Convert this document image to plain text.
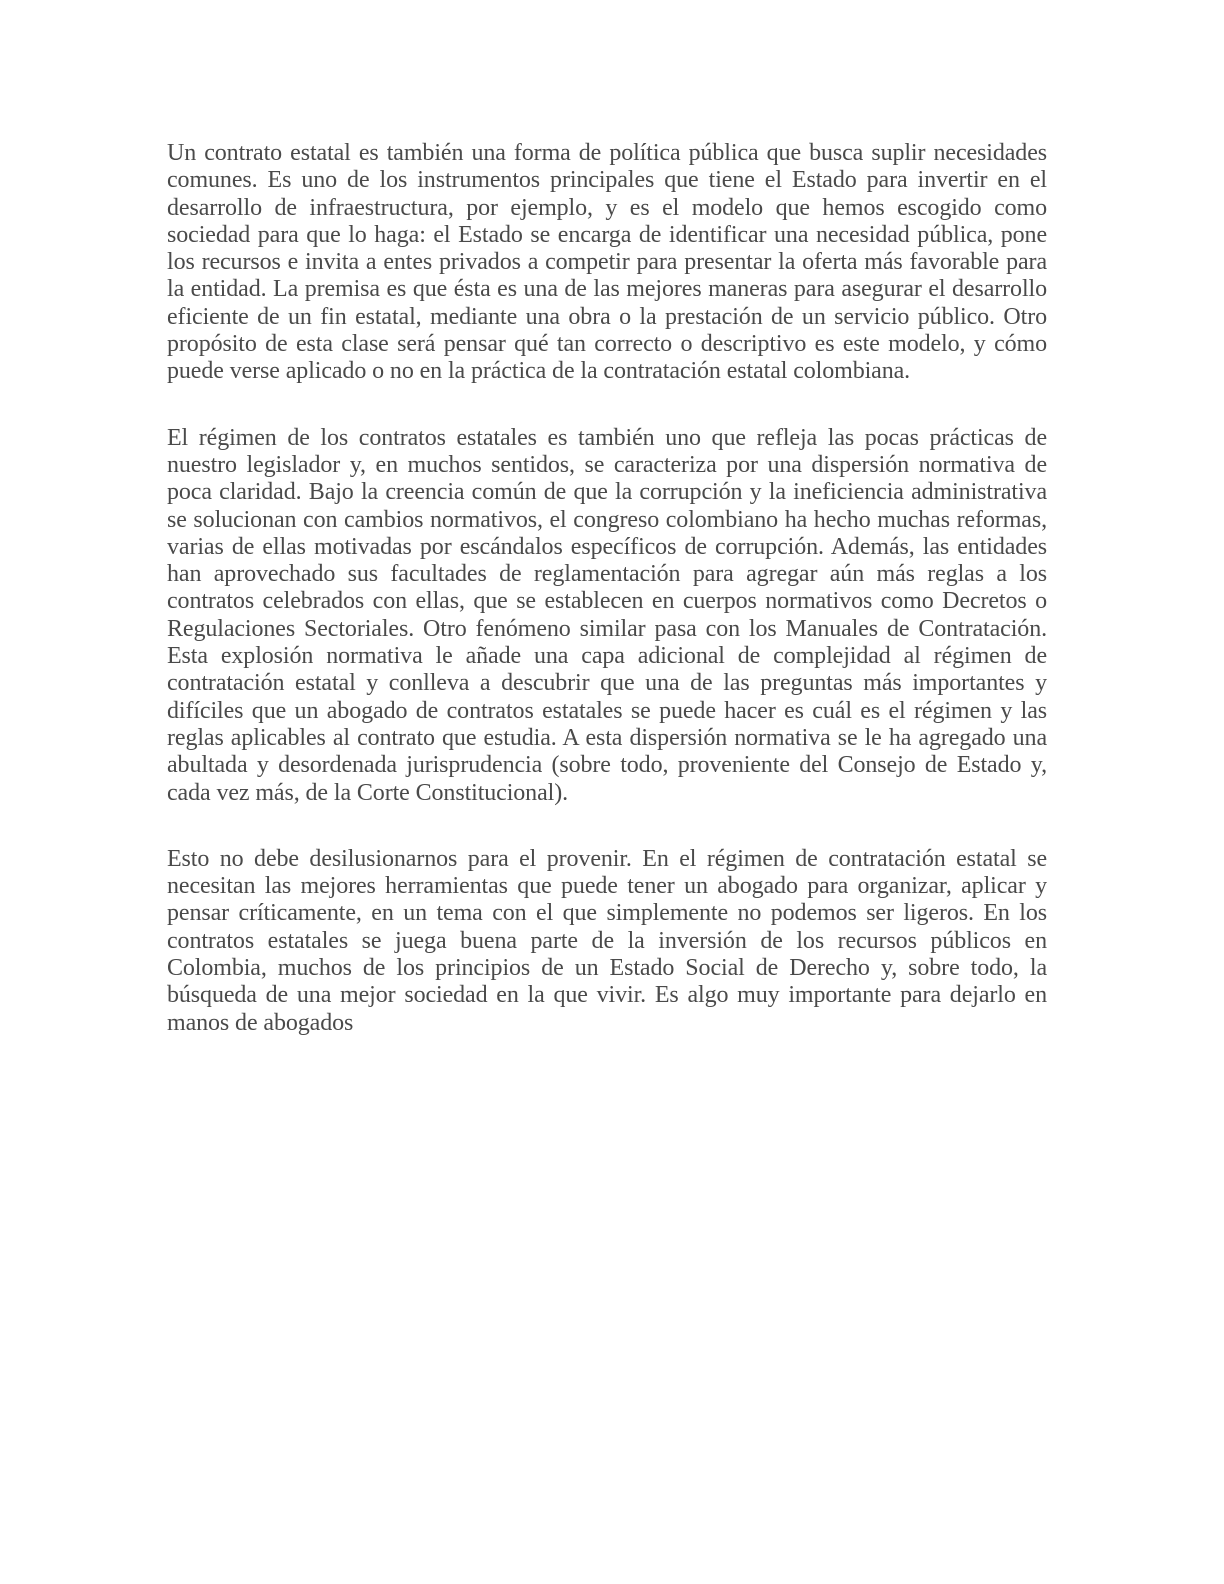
Un contrato estatal es también una forma de política pública que busca suplir necesidades comunes. Es uno de los instrumentos principales que tiene el Estado para invertir en el desarrollo de infraestructura, por ejemplo, y es el modelo que hemos escogido como sociedad para que lo haga: el Estado se encarga de identificar una necesidad pública, pone los recursos e invita a entes privados a competir para presentar la oferta más favorable para la entidad. La premisa es que ésta es una de las mejores maneras para asegurar el desarrollo eficiente de un fin estatal, mediante una obra o la prestación de un servicio público. Otro propósito de esta clase será pensar qué tan correcto o descriptivo es este modelo, y cómo puede verse aplicado o no en la práctica de la contratación estatal colombiana.

El régimen de los contratos estatales es también uno que refleja las pocas prácticas de nuestro legislador y, en muchos sentidos, se caracteriza por una dispersión normativa de poca claridad. Bajo la creencia común de que la corrupción y la ineficiencia administrativa se solucionan con cambios normativos, el congreso colombiano ha hecho muchas reformas, varias de ellas motivadas por escándalos específicos de corrupción. Además, las entidades han aprovechado sus facultades de reglamentación para agregar aún más reglas a los contratos celebrados con ellas, que se establecen en cuerpos normativos como Decretos o Regulaciones Sectoriales. Otro fenómeno similar pasa con los Manuales de Contratación. Esta explosión normativa le añade una capa adicional de complejidad al régimen de contratación estatal y conlleva a descubrir que una de las preguntas más importantes y difíciles que un abogado de contratos estatales se puede hacer es cuál es el régimen y las reglas aplicables al contrato que estudia. A esta dispersión normativa se le ha agregado una abultada y desordenada jurisprudencia (sobre todo, proveniente del Consejo de Estado y, cada vez más, de la Corte Constitucional).

Esto no debe desilusionarnos para el provenir. En el régimen de contratación estatal se necesitan las mejores herramientas que puede tener un abogado para organizar, aplicar y pensar críticamente, en un tema con el que simplemente no podemos ser ligeros. En los contratos estatales se juega buena parte de la inversión de los recursos públicos en Colombia, muchos de los principios de un Estado Social de Derecho y, sobre todo, la búsqueda de una mejor sociedad en la que vivir. Es algo muy importante para dejarlo en manos de abogados
